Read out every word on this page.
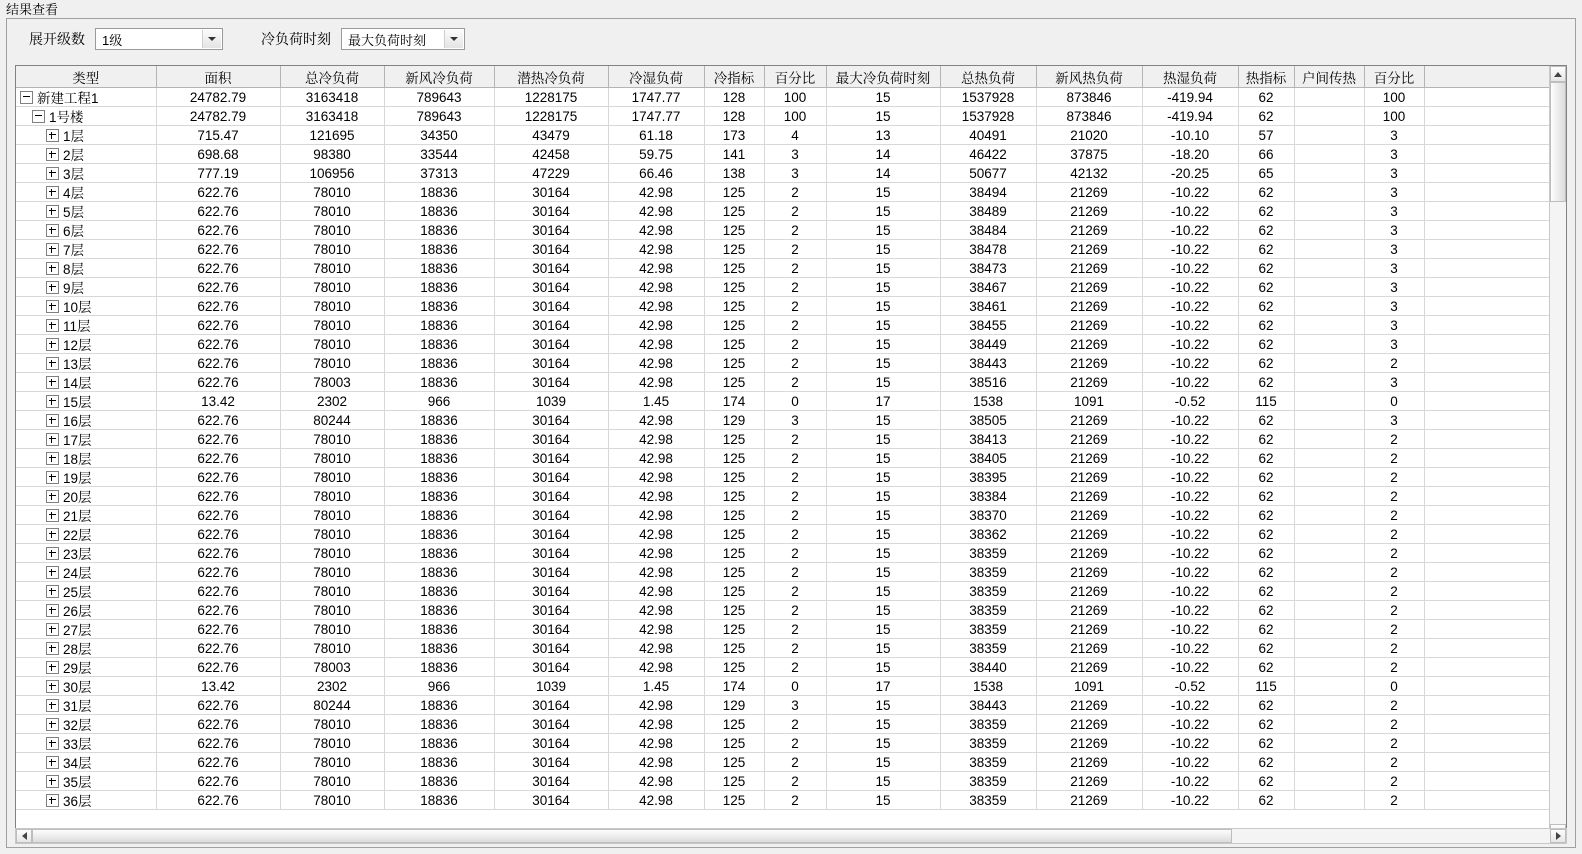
结果查看
展开级数 1级	冷负荷时刻 最大负荷时刻
类型	面积	总冷负荷	新风冷负荷	潜热冷负荷	冷湿负荷	冷指标	百分比	最大冷负荷时刻	总热负荷	新风热负荷	热湿负荷	热指标	户间传热	百分比	

新建工程1	24782.79	3163418	789643	1228175	1747.77	128	100	15	1537928	873846	-419.94	62		100	

1号楼	24782.79	3163418	789643	1228175	1747.77	128	100	15	1537928	873846	-419.94	62		100	

1层	715.47	121695	34350	43479	61.18	173	4	13	40491	21020	-10.10	57		3	

2层	698.68	98380	33544	42458	59.75	141	3	14	46422	37875	-18.20	66		3	

3层	777.19	106956	37313	47229	66.46	138	3	14	50677	42132	-20.25	65		3	

4层	622.76	78010	18836	30164	42.98	125	2	15	38494	21269	-10.22	62		3	

5层	622.76	78010	18836	30164	42.98	125	2	15	38489	21269	-10.22	62		3	

6层	622.76	78010	18836	30164	42.98	125	2	15	38484	21269	-10.22	62		3	

7层	622.76	78010	18836	30164	42.98	125	2	15	38478	21269	-10.22	62		3	

8层	622.76	78010	18836	30164	42.98	125	2	15	38473	21269	-10.22	62		3	

9层	622.76	78010	18836	30164	42.98	125	2	15	38467	21269	-10.22	62		3	

10层	622.76	78010	18836	30164	42.98	125	2	15	38461	21269	-10.22	62		3	

11层	622.76	78010	18836	30164	42.98	125	2	15	38455	21269	-10.22	62		3	

12层	622.76	78010	18836	30164	42.98	125	2	15	38449	21269	-10.22	62		3	

13层	622.76	78010	18836	30164	42.98	125	2	15	38443	21269	-10.22	62		2	

14层	622.76	78003	18836	30164	42.98	125	2	15	38516	21269	-10.22	62		3	

15层	13.42	2302	966	1039	1.45	174	0	17	1538	1091	-0.52	115		0	

16层	622.76	80244	18836	30164	42.98	129	3	15	38505	21269	-10.22	62		3	

17层	622.76	78010	18836	30164	42.98	125	2	15	38413	21269	-10.22	62		2	

18层	622.76	78010	18836	30164	42.98	125	2	15	38405	21269	-10.22	62		2	

19层	622.76	78010	18836	30164	42.98	125	2	15	38395	21269	-10.22	62		2	

20层	622.76	78010	18836	30164	42.98	125	2	15	38384	21269	-10.22	62		2	

21层	622.76	78010	18836	30164	42.98	125	2	15	38370	21269	-10.22	62		2	

22层	622.76	78010	18836	30164	42.98	125	2	15	38362	21269	-10.22	62		2	

23层	622.76	78010	18836	30164	42.98	125	2	15	38359	21269	-10.22	62		2	

24层	622.76	78010	18836	30164	42.98	125	2	15	38359	21269	-10.22	62		2	

25层	622.76	78010	18836	30164	42.98	125	2	15	38359	21269	-10.22	62		2	

26层	622.76	78010	18836	30164	42.98	125	2	15	38359	21269	-10.22	62		2	

27层	622.76	78010	18836	30164	42.98	125	2	15	38359	21269	-10.22	62		2	

28层	622.76	78010	18836	30164	42.98	125	2	15	38359	21269	-10.22	62		2	

29层	622.76	78003	18836	30164	42.98	125	2	15	38440	21269	-10.22	62		2	

30层	13.42	2302	966	1039	1.45	174	0	17	1538	1091	-0.52	115		0	

31层	622.76	80244	18836	30164	42.98	129	3	15	38443	21269	-10.22	62		2	

32层	622.76	78010	18836	30164	42.98	125	2	15	38359	21269	-10.22	62		2	

33层	622.76	78010	18836	30164	42.98	125	2	15	38359	21269	-10.22	62		2	

34层	622.76	78010	18836	30164	42.98	125	2	15	38359	21269	-10.22	62		2	

35层	622.76	78010	18836	30164	42.98	125	2	15	38359	21269	-10.22	62		2	

36层	622.76	78010	18836	30164	42.98	125	2	15	38359	21269	-10.22	62		2	
